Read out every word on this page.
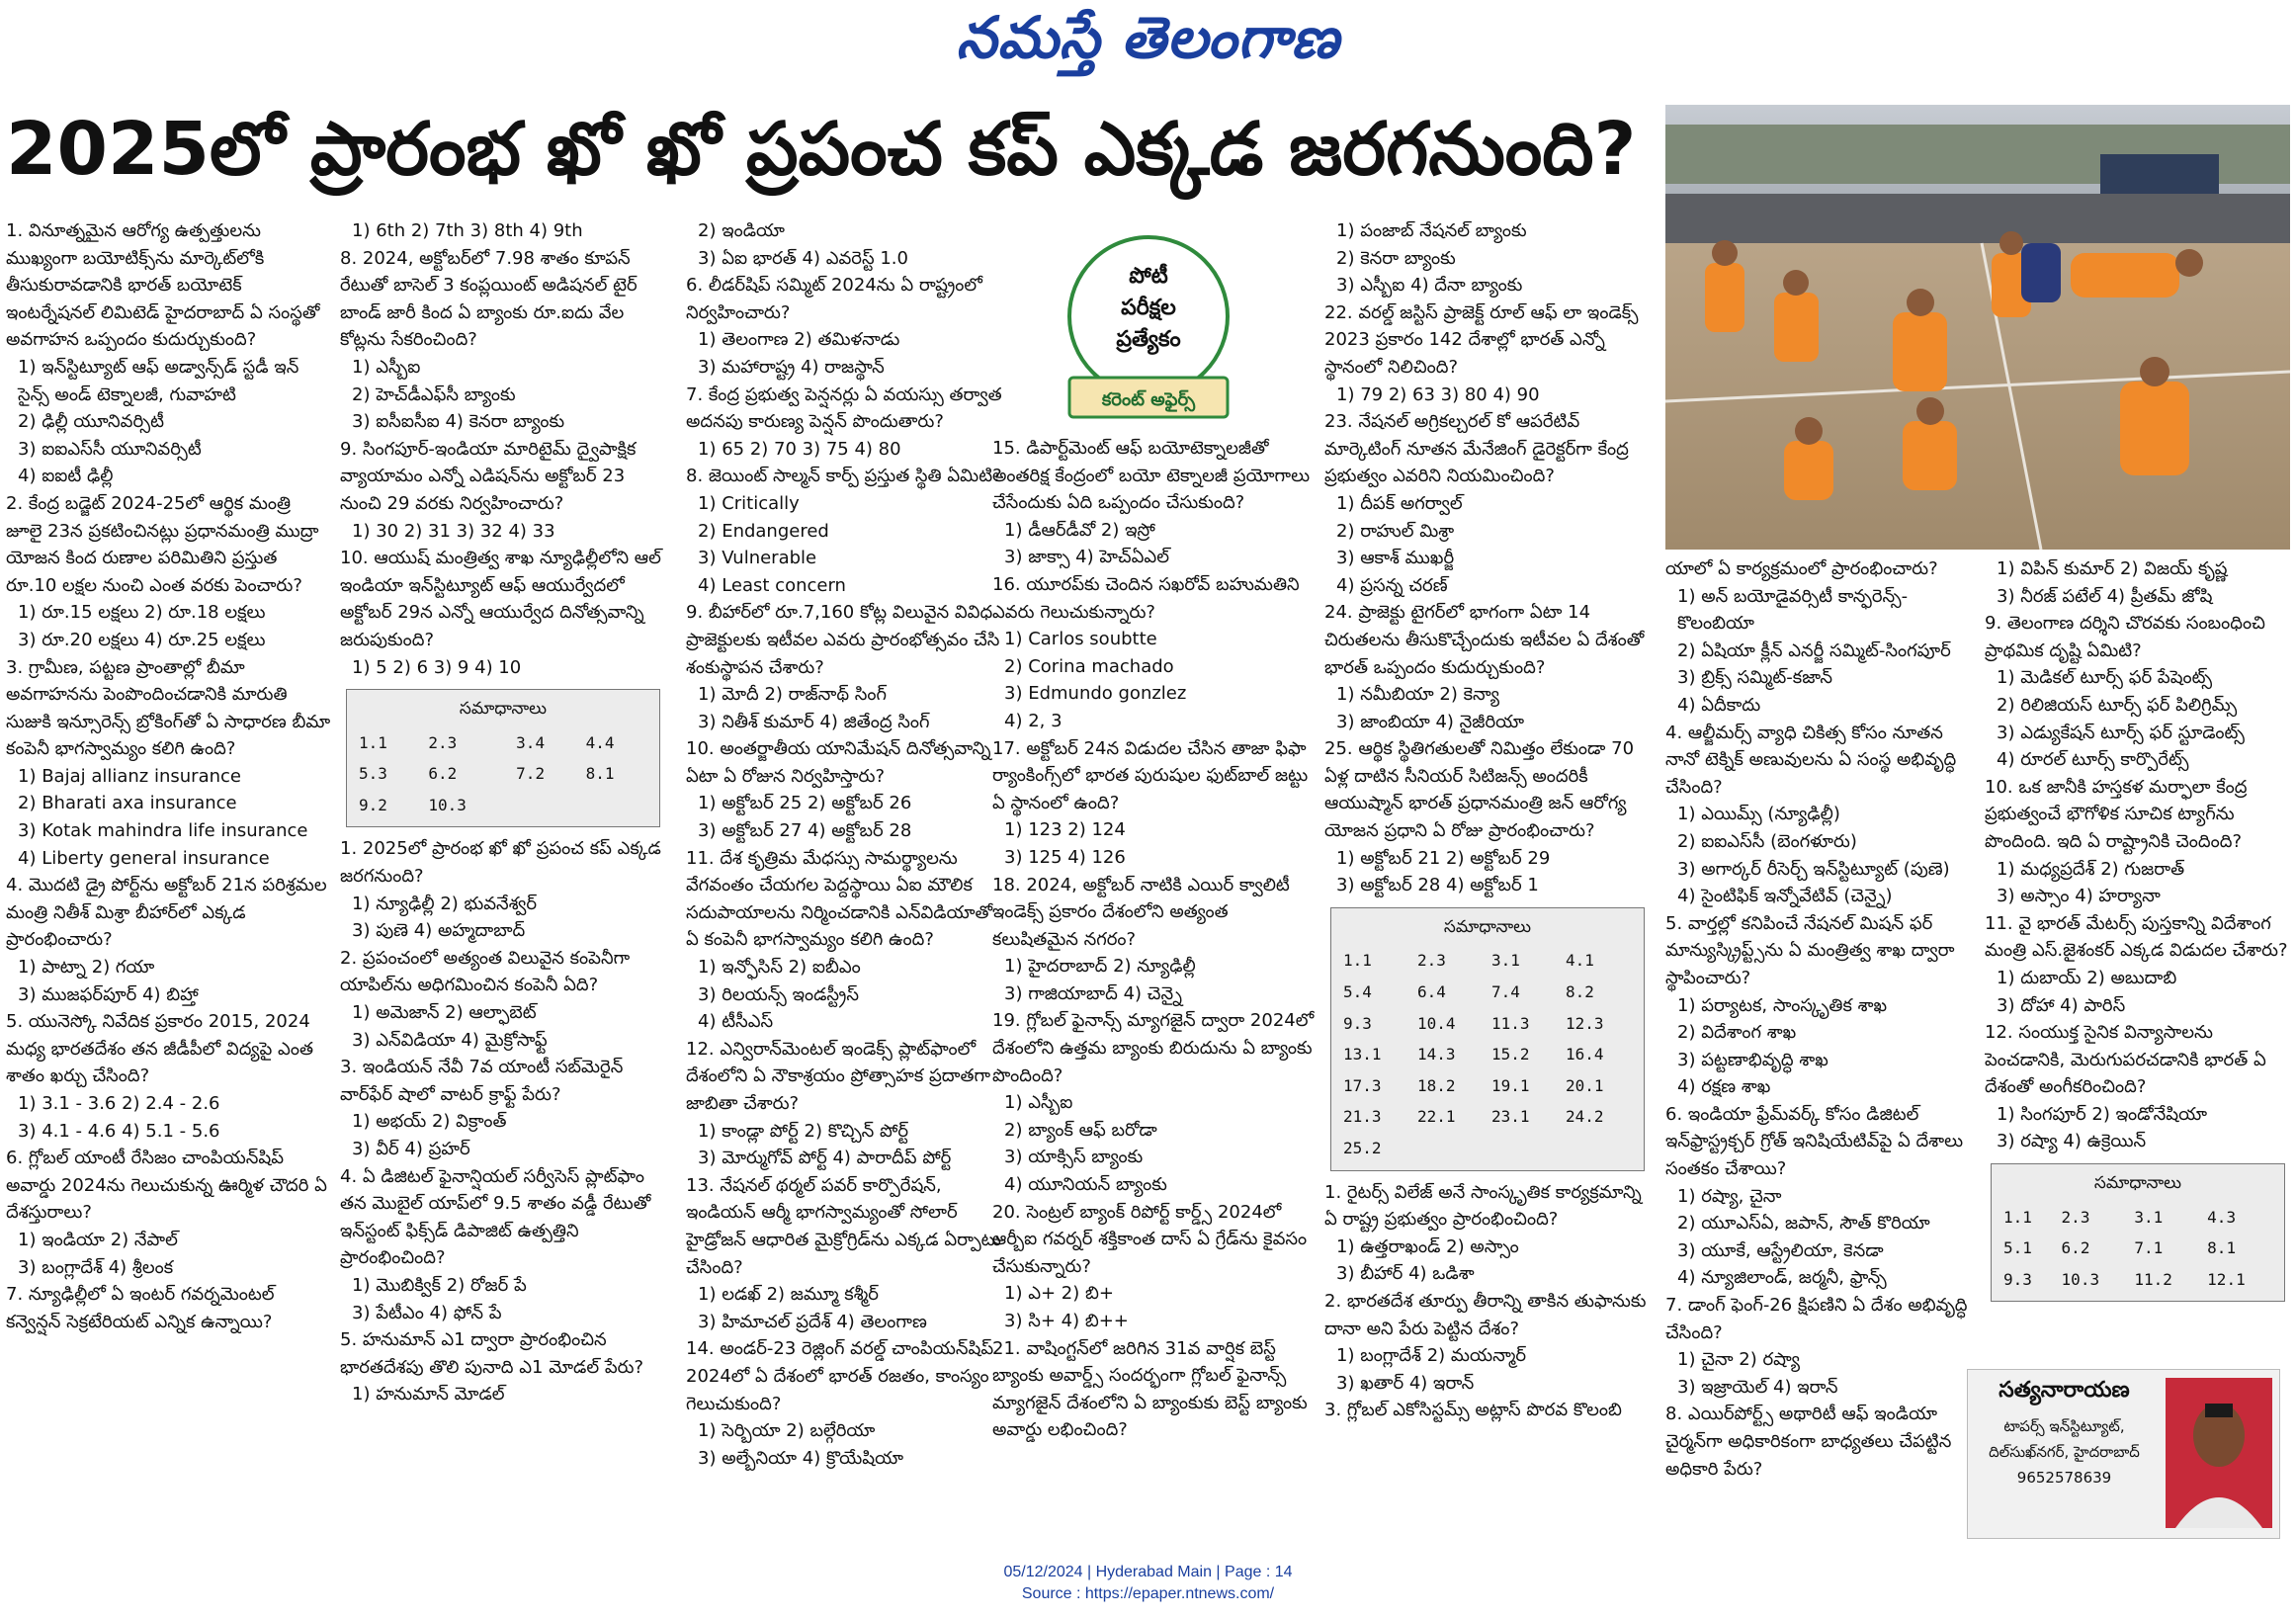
నమస్తే తెలంగాణ
2025లో ప్రారంభ ఖో ఖో ప్రపంచ కప్ ఎక్కడ జరగనుంది?
పోటీ
పరీక్షల
ప్రత్యేకం
కరెంట్ అఫైర్స్

1. వినూత్నమైన ఆరోగ్య ఉత్పత్తులను ముఖ్యంగా బయోటిక్స్‌ను మార్కెట్‌లోకి తీసుకురావడానికి భారత్ బయోటెక్ ఇంటర్నేషనల్ లిమిటెడ్ హైదరాబాద్ ఏ సంస్థతో అవగాహన ఒప్పందం కుదుర్చుకుంది?

1) ఇన్‌స్టిట్యూట్ ఆఫ్ అడ్వాన్స్‌డ్ స్టడీ ఇన్ సైన్స్ అండ్ టెక్నాలజీ, గువాహటి

2) ఢిల్లీ యూనివర్సిటీ

3) ఐఐఎస్‌సీ యూనివర్సిటీ

4) ఐఐటీ ఢిల్లీ

2. కేంద్ర బడ్జెట్ 2024-25లో ఆర్థిక మంత్రి జూలై 23న ప్రకటించినట్లు ప్రధానమంత్రి ముద్రా యోజన కింద రుణాల పరిమితిని ప్రస్తుత రూ.10 లక్షల నుంచి ఎంత వరకు పెంచారు?

1) రూ.15 లక్షలు 2) రూ.18 లక్షలు

3) రూ.20 లక్షలు 4) రూ.25 లక్షలు

3. గ్రామీణ, పట్టణ ప్రాంతాల్లో బీమా అవగాహనను పెంపొందించడానికి మారుతి సుజుకి ఇన్సూరెన్స్ బ్రోకింగ్‌తో ఏ సాధారణ బీమా కంపెనీ భాగస్వామ్యం కలిగి ఉంది?

1) Bajaj allianz insurance

2) Bharati axa insurance

3) Kotak mahindra life insurance

4) Liberty general insurance

4. మొదటి డ్రై పోర్ట్‌ను అక్టోబర్ 21న పరిశ్రమల మంత్రి నితీశ్ మిశ్రా బీహార్‌లో ఎక్కడ ప్రారంభించారు?

1) పాట్నా 2) గయా

3) ముజఫర్‌పూర్ 4) బిహ్తా

5. యునెస్కో నివేదిక ప్రకారం 2015, 2024 మధ్య భారతదేశం తన జీడీపీలో విద్యపై ఎంత శాతం ఖర్చు చేసింది?

1) 3.1 - 3.6 2) 2.4 - 2.6

3) 4.1 - 4.6 4) 5.1 - 5.6

6. గ్లోబల్ యాంటీ రేసిజం చాంపియన్‌షిప్ అవార్డు 2024ను గెలుచుకున్న ఊర్మిళ చౌదరి ఏ దేశస్తురాలు?

1) ఇండియా 2) నేపాల్

3) బంగ్లాదేశ్ 4) శ్రీలంక

7. న్యూఢిల్లీలో ఏ ఇంటర్ గవర్నమెంటల్ కన్వెన్షన్ సెక్రటేరియట్ ఎన్నిక ఉన్నాయి?

1) 6th 2) 7th 3) 8th 4) 9th

8. 2024, అక్టోబర్‌లో 7.98 శాతం కూపన్ రేటుతో బాసెల్ 3 కంప్లయింట్ అడిషనల్ టైర్ బాండ్ జారీ కింద ఏ బ్యాంకు రూ.ఐదు వేల కోట్లను సేకరించింది?

1) ఎస్బీఐ

2) హెచ్‌డీఎఫ్‌సీ బ్యాంకు

3) ఐసీఐసీఐ 4) కెనరా బ్యాంకు

9. సింగపూర్-ఇండియా మారిటైమ్ ద్వైపాక్షిక వ్యాయామం ఎన్నో ఎడిషన్‌ను అక్టోబర్ 23 నుంచి 29 వరకు నిర్వహించారు?

1) 30 2) 31 3) 32 4) 33

10. ఆయుష్ మంత్రిత్వ శాఖ న్యూఢిల్లీలోని ఆల్ ఇండియా ఇన్‌స్టిట్యూట్ ఆఫ్ ఆయుర్వేదలో అక్టోబర్ 29న ఎన్నో ఆయుర్వేద దినోత్సవాన్ని జరుపుకుంది?

1) 5 2) 6 3) 9 4) 10

సమాధానాలు
1.1	2.3	3.4	4.4
5.3	6.2	7.2	8.1
9.2	10.3		

1. 2025లో ప్రారంభ ఖో ఖో ప్రపంచ కప్ ఎక్కడ జరగనుంది?

1) న్యూఢిల్లీ 2) భువనేశ్వర్

3) పుణె 4) అహ్మదాబాద్

2. ప్రపంచంలో అత్యంత విలువైన కంపెనీగా యాపిల్‌ను అధిగమించిన కంపెనీ ఏది?

1) అమెజాన్ 2) ఆల్ఫాబెట్

3) ఎన్‌విడియా 4) మైక్రోసాఫ్ట్

3. ఇండియన్ నేవీ 7వ యాంటీ సబ్‌మెరైన్ వార్‌ఫేర్ షాలో వాటర్ క్రాఫ్ట్ పేరు?

1) అభయ్ 2) విక్రాంత్

3) వీర్ 4) ప్రహర్

4. ఏ డిజిటల్ ఫైనాన్షియల్ సర్వీసెస్ ప్లాట్‌ఫాం తన మొబైల్ యాప్‌లో 9.5 శాతం వడ్డీ రేటుతో ఇన్‌స్టంట్ ఫిక్స్‌డ్ డిపాజిట్ ఉత్పత్తిని ప్రారంభించింది?

1) మొబిక్విక్ 2) రోజర్ పే

3) పేటీఎం 4) ఫోన్ పే

5. హనుమాన్ ఎ1 ద్వారా ప్రారంభించిన భారతదేశపు తొలి పునాది ఎ1 మోడల్ పేరు?

1) హనుమాన్ మోడల్

2) ఇండియా

3) ఏఐ భారత్ 4) ఎవరెస్ట్ 1.0

6. లీడర్‌షిప్ సమ్మిట్ 2024ను ఏ రాష్ట్రంలో నిర్వహించారు?

1) తెలంగాణ 2) తమిళనాడు

3) మహారాష్ట్ర 4) రాజస్థాన్

7. కేంద్ర ప్రభుత్వ పెన్షనర్లు ఏ వయస్సు తర్వాత అదనపు కారుణ్య పెన్షన్ పొందుతారు?

1) 65 2) 70 3) 75 4) 80

8. జెయింట్ సాల్మన్ కార్ప్ ప్రస్తుత స్థితి ఏమిటి?

1) Critically

2) Endangered

3) Vulnerable

4) Least concern

9. బీహార్‌లో రూ.7,160 కోట్ల విలువైన వివిధ ప్రాజెక్టులకు ఇటీవల ఎవరు ప్రారంభోత్సవం చేసి శంకుస్థాపన చేశారు?

1) మోదీ 2) రాజ్‌నాథ్ సింగ్

3) నితీశ్ కుమార్ 4) జితేంద్ర సింగ్

10. అంతర్జాతీయ యానిమేషన్ దినోత్సవాన్ని ఏటా ఏ రోజున నిర్వహిస్తారు?

1) అక్టోబర్ 25 2) అక్టోబర్ 26

3) అక్టోబర్ 27 4) అక్టోబర్ 28

11. దేశ కృత్రిమ మేధస్సు సామర్థ్యాలను వేగవంతం చేయగల పెద్దస్థాయి ఏఐ మౌలిక సదుపాయాలను నిర్మించడానికి ఎన్‌విడియాతో ఏ కంపెనీ భాగస్వామ్యం కలిగి ఉంది?

1) ఇన్ఫోసిస్ 2) ఐబీఎం

3) రిలయన్స్ ఇండస్ట్రీస్

4) టీసీఎస్

12. ఎన్విరాన్‌మెంటల్ ఇండెక్స్ ప్లాట్‌ఫాంలో దేశంలోని ఏ నౌకాశ్రయం ప్రోత్సాహక ప్రదాతగా జాబితా చేశారు?

1) కాండ్లా పోర్ట్ 2) కొచ్చిన్ పోర్ట్

3) మోర్ముగోవ్ పోర్ట్ 4) పారాదీప్ పోర్ట్

13. నేషనల్ థర్మల్ పవర్ కార్పొరేషన్, ఇండియన్ ఆర్మీ భాగస్వామ్యంతో సోలార్ హైడ్రోజన్ ఆధారిత మైక్రోగ్రిడ్‌ను ఎక్కడ ఏర్పాటు చేసింది?

1) లడఖ్ 2) జమ్మూ కశ్మీర్

3) హిమాచల్ ప్రదేశ్ 4) తెలంగాణ

14. అండర్-23 రెజ్లింగ్ వరల్డ్ చాంపియన్‌షిప్ 2024లో ఏ దేశంలో భారత్ రజతం, కాంస్యం గెలుచుకుంది?

1) సెర్బియా 2) బల్గేరియా

3) అల్బేనియా 4) క్రొయేషియా

15. డిపార్ట్‌మెంట్ ఆఫ్ బయోటెక్నాలజీతో అంతరిక్ష కేంద్రంలో బయో టెక్నాలజీ ప్రయోగాలు చేసేందుకు ఏది ఒప్పందం చేసుకుంది?

1) డీఆర్‌డీవో 2) ఇస్రో

3) జాక్సా 4) హెచ్ఏఎల్

16. యూరప్‌కు చెందిన సఖరోవ్ బహుమతిని ఎవరు గెలుచుకున్నారు?

1) Carlos soubtte

2) Corina machado

3) Edmundo gonzlez

4) 2, 3

17. అక్టోబర్ 24న విడుదల చేసిన తాజా ఫిఫా ర్యాంకింగ్స్‌లో భారత పురుషుల ఫుట్‌బాల్ జట్టు ఏ స్థానంలో ఉంది?

1) 123 2) 124

3) 125 4) 126

18. 2024, అక్టోబర్ నాటికి ఎయిర్ క్వాలిటీ ఇండెక్స్ ప్రకారం దేశంలోని అత్యంత కలుషితమైన నగరం?

1) హైదరాబాద్ 2) న్యూఢిల్లీ

3) గాజియాబాద్ 4) చెన్నై

19. గ్లోబల్ ఫైనాన్స్ మ్యాగజైన్ ద్వారా 2024లో దేశంలోని ఉత్తమ బ్యాంకు బిరుదును ఏ బ్యాంకు పొందింది?

1) ఎస్బీఐ

2) బ్యాంక్ ఆఫ్ బరోడా

3) యాక్సిస్ బ్యాంకు

4) యూనియన్ బ్యాంకు

20. సెంట్రల్ బ్యాంక్ రిపోర్ట్ కార్డ్స్ 2024లో ఆర్బీఐ గవర్నర్ శక్తికాంత దాస్ ఏ గ్రేడ్‌ను కైవసం చేసుకున్నారు?

1) ఎ+ 2) బి+

3) సి+ 4) బి++

21. వాషింగ్టన్‌లో జరిగిన 31వ వార్షిక బెస్ట్ బ్యాంకు అవార్డ్స్ సందర్భంగా గ్లోబల్ ఫైనాన్స్ మ్యాగజైన్ దేశంలోని ఏ బ్యాంకుకు బెస్ట్ బ్యాంకు అవార్డు లభించింది?

1) పంజాబ్ నేషనల్ బ్యాంకు

2) కెనరా బ్యాంకు

3) ఎస్బీఐ 4) దేనా బ్యాంకు

22. వరల్డ్ జస్టిస్ ప్రాజెక్ట్ రూల్ ఆఫ్ లా ఇండెక్స్ 2023 ప్రకారం 142 దేశాల్లో భారత్ ఎన్నో స్థానంలో నిలిచింది?

1) 79 2) 63 3) 80 4) 90

23. నేషనల్ అగ్రికల్చరల్ కో ఆపరేటివ్ మార్కెటింగ్ నూతన మేనేజింగ్ డైరెక్టర్‌గా కేంద్ర ప్రభుత్వం ఎవరిని నియమించింది?

1) దీపక్ అగర్వాల్

2) రాహుల్ మిశ్రా

3) ఆకాశ్ ముఖర్జీ

4) ప్రసన్న చరణ్

24. ప్రాజెక్టు టైగర్‌లో భాగంగా ఏటా 14 చిరుతలను తీసుకొచ్చేందుకు ఇటీవల ఏ దేశంతో భారత్ ఒప్పందం కుదుర్చుకుంది?

1) నమీబియా 2) కెన్యా

3) జాంబియా 4) నైజీరియా

25. ఆర్థిక స్థితిగతులతో నిమిత్తం లేకుండా 70 ఏళ్ల దాటిన సీనియర్ సిటిజన్స్ అందరికీ ఆయుష్మాన్ భారత్ ప్రధానమంత్రి జన్ ఆరోగ్య యోజన ప్రధాని ఏ రోజు ప్రారంభించారు?

1) అక్టోబర్ 21 2) అక్టోబర్ 29

3) అక్టోబర్ 28 4) అక్టోబర్ 1

సమాధానాలు
1.1	2.3	3.1	4.1
5.4	6.4	7.4	8.2
9.3	10.4	11.3	12.3
13.1	14.3	15.2	16.4
17.3	18.2	19.1	20.1
21.3	22.1	23.1	24.2
25.2			

1. రైటర్స్ విలేజ్ అనే సాంస్కృతిక కార్యక్రమాన్ని ఏ రాష్ట్ర ప్రభుత్వం ప్రారంభించింది?

1) ఉత్తరాఖండ్ 2) అస్సాం

3) బీహార్ 4) ఒడిశా

2. భారతదేశ తూర్పు తీరాన్ని తాకిన తుఫానుకు దానా అని పేరు పెట్టిన దేశం?

1) బంగ్లాదేశ్ 2) మయన్మార్

3) ఖతార్ 4) ఇరాన్

3. గ్లోబల్ ఎకోసిస్టమ్స్ అట్లాస్ పొరవ కొలంబి

యాలో ఏ కార్యక్రమంలో ప్రారంభించారు?

1) అన్ బయోడైవర్సిటీ కాన్ఫరెన్స్-కొలంబియా

2) ఏషియా క్లీన్ ఎనర్జీ సమ్మిట్-సింగపూర్

3) బ్రిక్స్ సమ్మిట్-కజాన్

4) ఏదీకాదు

4. ఆల్జీమర్స్ వ్యాధి చికిత్స కోసం నూతన నానో టెక్నిక్ అణువులను ఏ సంస్థ అభివృద్ధి చేసింది?

1) ఎయిమ్స్ (న్యూఢిల్లీ)

2) ఐఐఎస్‌సీ (బెంగళూరు)

3) అగార్కర్ రీసెర్చ్ ఇన్‌స్టిట్యూట్ (పుణె)

4) సైంటిఫిక్ ఇన్నోవేటివ్ (చెన్నై)

5. వార్తల్లో కనిపించే నేషనల్ మిషన్ ఫర్ మాన్యుస్క్రిప్ట్స్‌ను ఏ మంత్రిత్వ శాఖ ద్వారా స్థాపించారు?

1) పర్యాటక, సాంస్కృతిక శాఖ

2) విదేశాంగ శాఖ

3) పట్టణాభివృద్ధి శాఖ

4) రక్షణ శాఖ

6. ఇండియా ఫ్రేమ్‌వర్క్ కోసం డిజిటల్ ఇన్‌ఫ్రాస్ట్రక్చర్ గ్రోత్ ఇనిషియేటివ్‌పై ఏ దేశాలు సంతకం చేశాయి?

1) రష్యా, చైనా

2) యూఎస్ఏ, జపాన్, సౌత్ కొరియా

3) యూకే, ఆస్ట్రేలియా, కెనడా

4) న్యూజిలాండ్, జర్మనీ, ఫ్రాన్స్

7. డాంగ్ ఫెంగ్-26 క్షిపణిని ఏ దేశం అభివృద్ధి చేసింది?

1) చైనా 2) రష్యా

3) ఇజ్రాయెల్ 4) ఇరాన్

8. ఎయిర్‌పోర్ట్స్ అథారిటీ ఆఫ్ ఇండియా చైర్మన్‌గా అధికారికంగా బాధ్యతలు చేపట్టిన అధికారి పేరు?

1) విపిన్ కుమార్ 2) విజయ్ కృష్ణ

3) నీరజ్ పటేల్ 4) ప్రీతమ్ జోషి

9. తెలంగాణ దర్శిని చొరవకు సంబంధించి ప్రాథమిక దృష్టి ఏమిటి?

1) మెడికల్ టూర్స్ ఫర్ పేషెంట్స్

2) రిలిజియస్ టూర్స్ ఫర్ పిలిగ్రిమ్స్

3) ఎడ్యుకేషన్ టూర్స్ ఫర్ స్టూడెంట్స్

4) రూరల్ టూర్స్ కార్పొరేట్స్

10. ఒక జానీకి హస్తకళ మర్ఫాలా కేంద్ర ప్రభుత్వంచే భౌగోళిక సూచిక ట్యాగ్‌ను పొందింది. ఇది ఏ రాష్ట్రానికి చెందింది?

1) మధ్యప్రదేశ్ 2) గుజరాత్

3) అస్సాం 4) హర్యానా

11. వై భారత్ మేటర్స్ పుస్తకాన్ని విదేశాంగ మంత్రి ఎస్.జైశంకర్ ఎక్కడ విడుదల చేశారు?

1) దుబాయ్ 2) అబుదాబి

3) దోహా 4) పారిస్

12. సంయుక్త సైనిక విన్యాసాలను పెంచడానికి, మెరుగుపరచడానికి భారత్ ఏ దేశంతో అంగీకరించింది?

1) సింగపూర్ 2) ఇండోనేషియా

3) రష్యా 4) ఉక్రెయిన్

సమాధానాలు
1.1	2.3	3.1	4.3
5.1	6.2	7.1	8.1
9.3	10.3	11.2	12.1
సత్యనారాయణ
టాపర్స్ ఇన్‌స్టిట్యూట్,
దిల్‌సుఖ్‌నగర్, హైదరాబాద్
9652578639
05/12/2024 | Hyderabad Main | Page : 14
Source : https://epaper.ntnews.com/
